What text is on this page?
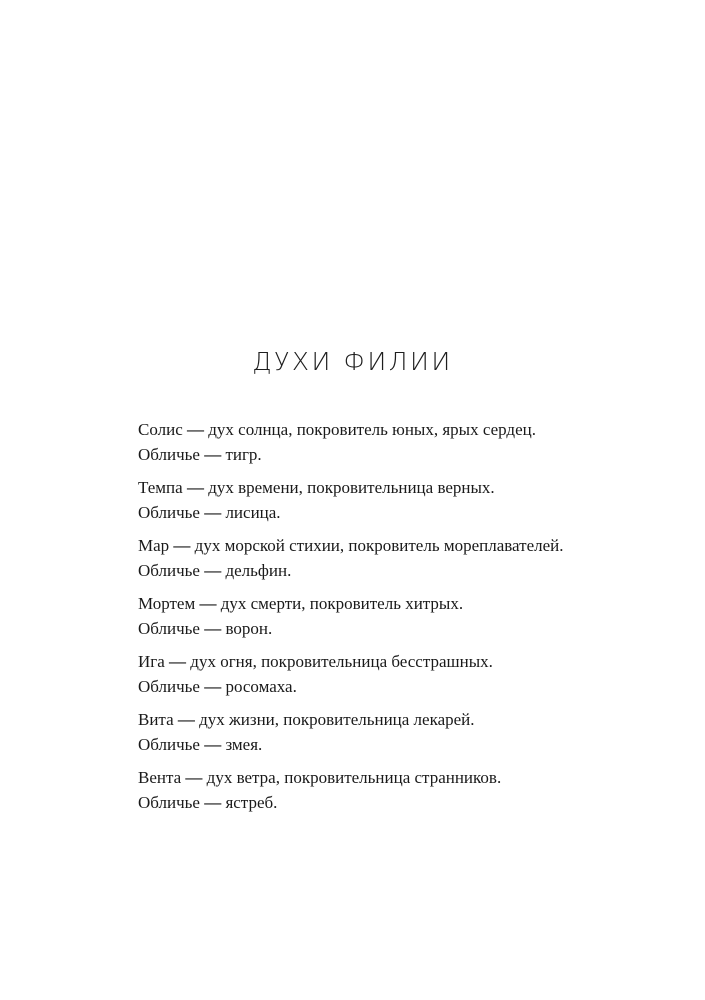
ДУХИ ФИЛИИ
Солис — дух солнца, покровитель юных, ярых сердец.
Обличье — тигр.
Темпа — дух времени, покровительница верных.
Обличье — лисица.
Мар — дух морской стихии, покровитель мореплавателей.
Обличье — дельфин.
Мортем — дух смерти, покровитель хитрых.
Обличье — ворон.
Ига — дух огня, покровительница бесстрашных.
Обличье — росомаха.
Вита — дух жизни, покровительница лекарей.
Обличье — змея.
Вента — дух ветра, покровительница странников.
Обличье — ястреб.
